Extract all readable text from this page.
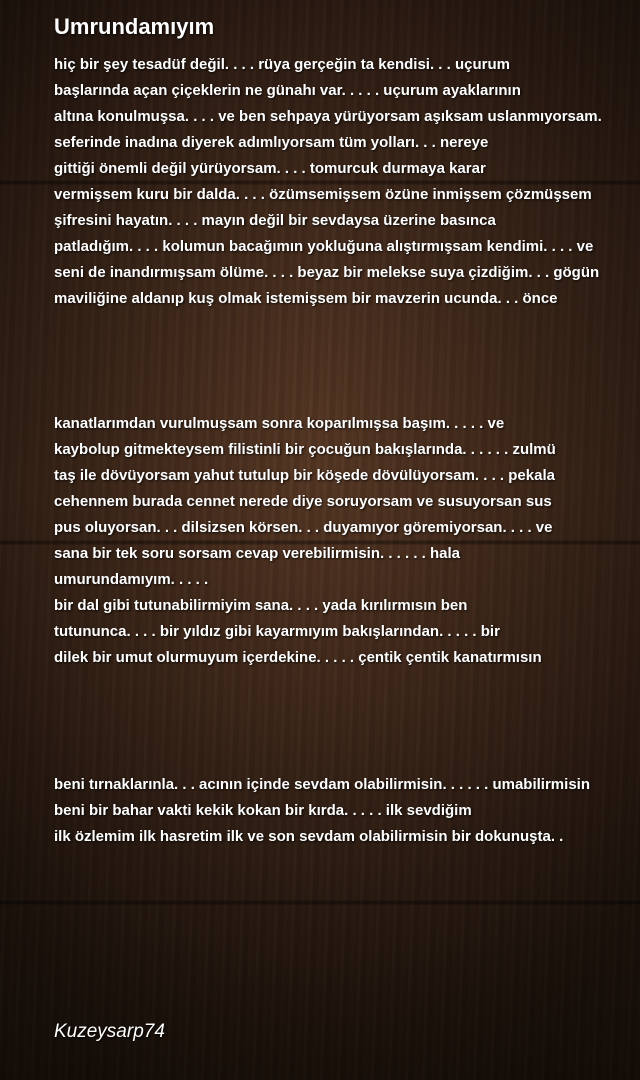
Umrundamıyım
hiç bir şey tesadüf değil. . . . rüya gerçeğin ta kendisi. . . uçurum
başlarında açan çiçeklerin ne günahı var. . . . . uçurum ayaklarının
altına konulmuşsa. . . . ve ben sehpaya yürüyorsam aşıksam uslanmıyorsam.
seferinde inadına diyerek adımlıyorsam tüm yolları. . . nereye
gittiği önemli değil yürüyorsam. . . . tomurcuk durmaya karar
vermişsem kuru bir dalda. . . . özümsemişsem özüne inmişsem çözmüşsem
şifresini hayatın. . . . mayın değil bir sevdaysa üzerine basınca
patladığım. . . . kolumun bacağımın yokluğuna alıştırmışsam kendimi. . . . ve
seni de inandırmışsam ölüme. . . . beyaz bir melekse suya çizdiğim. . . gögün
maviliğine aldanıp kuş olmak istemişsem bir mavzerin ucunda. . . önce
kanatlarımdan vurulmuşsam sonra koparılmışsa başım. . . . . ve
kaybolup gitmekteysem filistinli bir çocuğun bakışlarında. . . . . . zulmü
taş ile dövüyorsam yahut tutulup bir köşede dövülüyorsam. . . . pekala
cehennem burada cennet nerede diye soruyorsam ve susuyorsan sus
pus oluyorsan. . . dilsizsen körsen. . . duyamıyor göremiyorsan. . . . ve
sana bir tek soru sorsam cevap verebilirmisin. . . . . . hala
umurundamıyım. . . . .
bir dal gibi tutunabilirmiyim sana. . . . yada kırılırmısın ben
tutununca. . . . bir yıldız gibi kayarmıyım bakışlarından. . . . . bir
dilek bir umut olurmuyum içerdekine. . . . . çentik çentik kanatırmısın
beni tırnaklarınla. . . acının içinde sevdam olabilirmisin. . . . . . umabilirmisin
beni bir bahar vakti kekik kokan bir kırda. . . . . ilk sevdiğim
ilk özlemim ilk hasretim ilk ve son sevdam olabilirmisin bir dokunuşta. .
Kuzeysarp74
